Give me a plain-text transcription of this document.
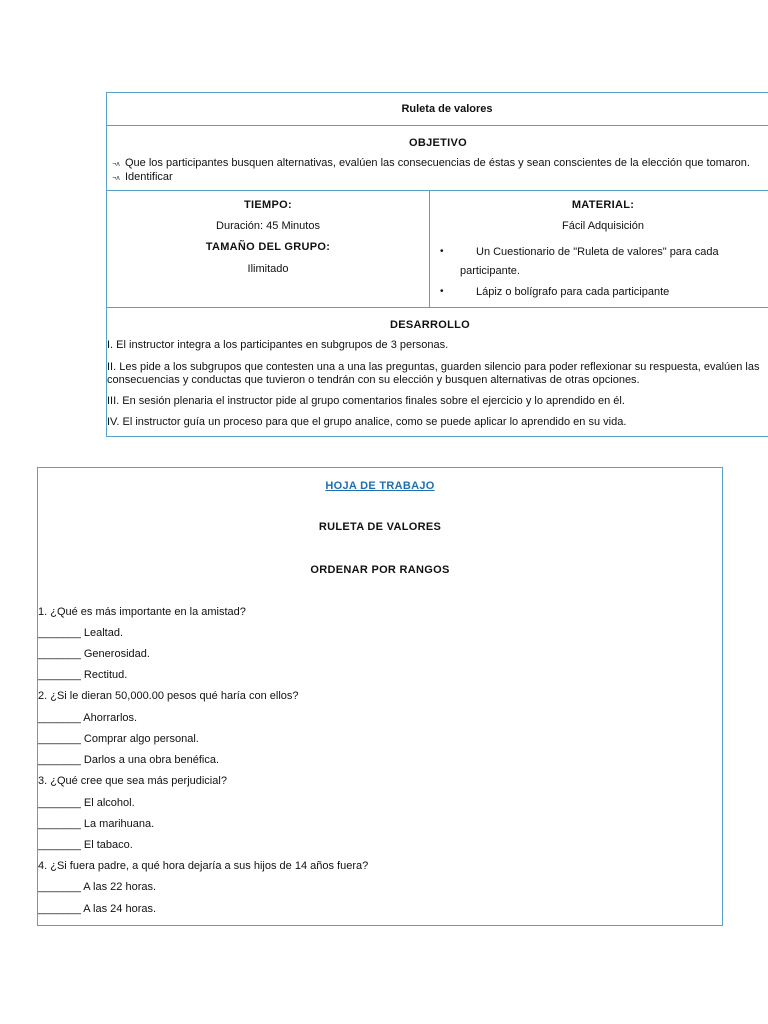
Ruleta de valores
OBJETIVO
¬ᴧ Que los participantes busquen alternativas, evalúen las consecuencias de éstas y sean conscientes de la elección que tomaron.
¬ᴧ Identificar
TIEMPO:
Duración: 45 Minutos
TAMAÑO DEL GRUPO:
Ilimitado
MATERIAL:
Fácil Adquisición
•	Un Cuestionario de "Ruleta de valores" para cada
participante.
•	Lápiz o bolígrafo para cada participante
DESARROLLO
I. El instructor integra a los participantes en subgrupos de 3 personas.
II. Les pide a los subgrupos que contesten una a una las preguntas, guarden silencio para poder reflexionar su respuesta, evalúen las
consecuencias y conductas que tuvieron o tendrán con su elección y busquen alternativas de otras opciones.
III. En sesión plenaria el instructor pide al grupo comentarios finales sobre el ejercicio y lo aprendido en él.
IV. El instructor guía un proceso para que el grupo analice, como se puede aplicar lo aprendido en su vida.
HOJA DE TRABAJO
RULETA DE VALORES
ORDENAR POR RANGOS
1. ¿Qué es más importante en la amistad?
_______ Lealtad.
_______ Generosidad.
_______ Rectitud.
2. ¿Si le dieran 50,000.00 pesos qué haría con ellos?
_______ Ahorrarlos.
_______ Comprar algo personal.
_______ Darlos a una obra benéfica.
3. ¿Qué cree que sea más perjudicial?
_______ El alcohol.
_______ La marihuana.
_______ El tabaco.
4. ¿Si fuera padre, a qué hora dejaría a sus hijos de 14 años fuera?
_______ A las 22 horas.
_______ A las 24 horas.
